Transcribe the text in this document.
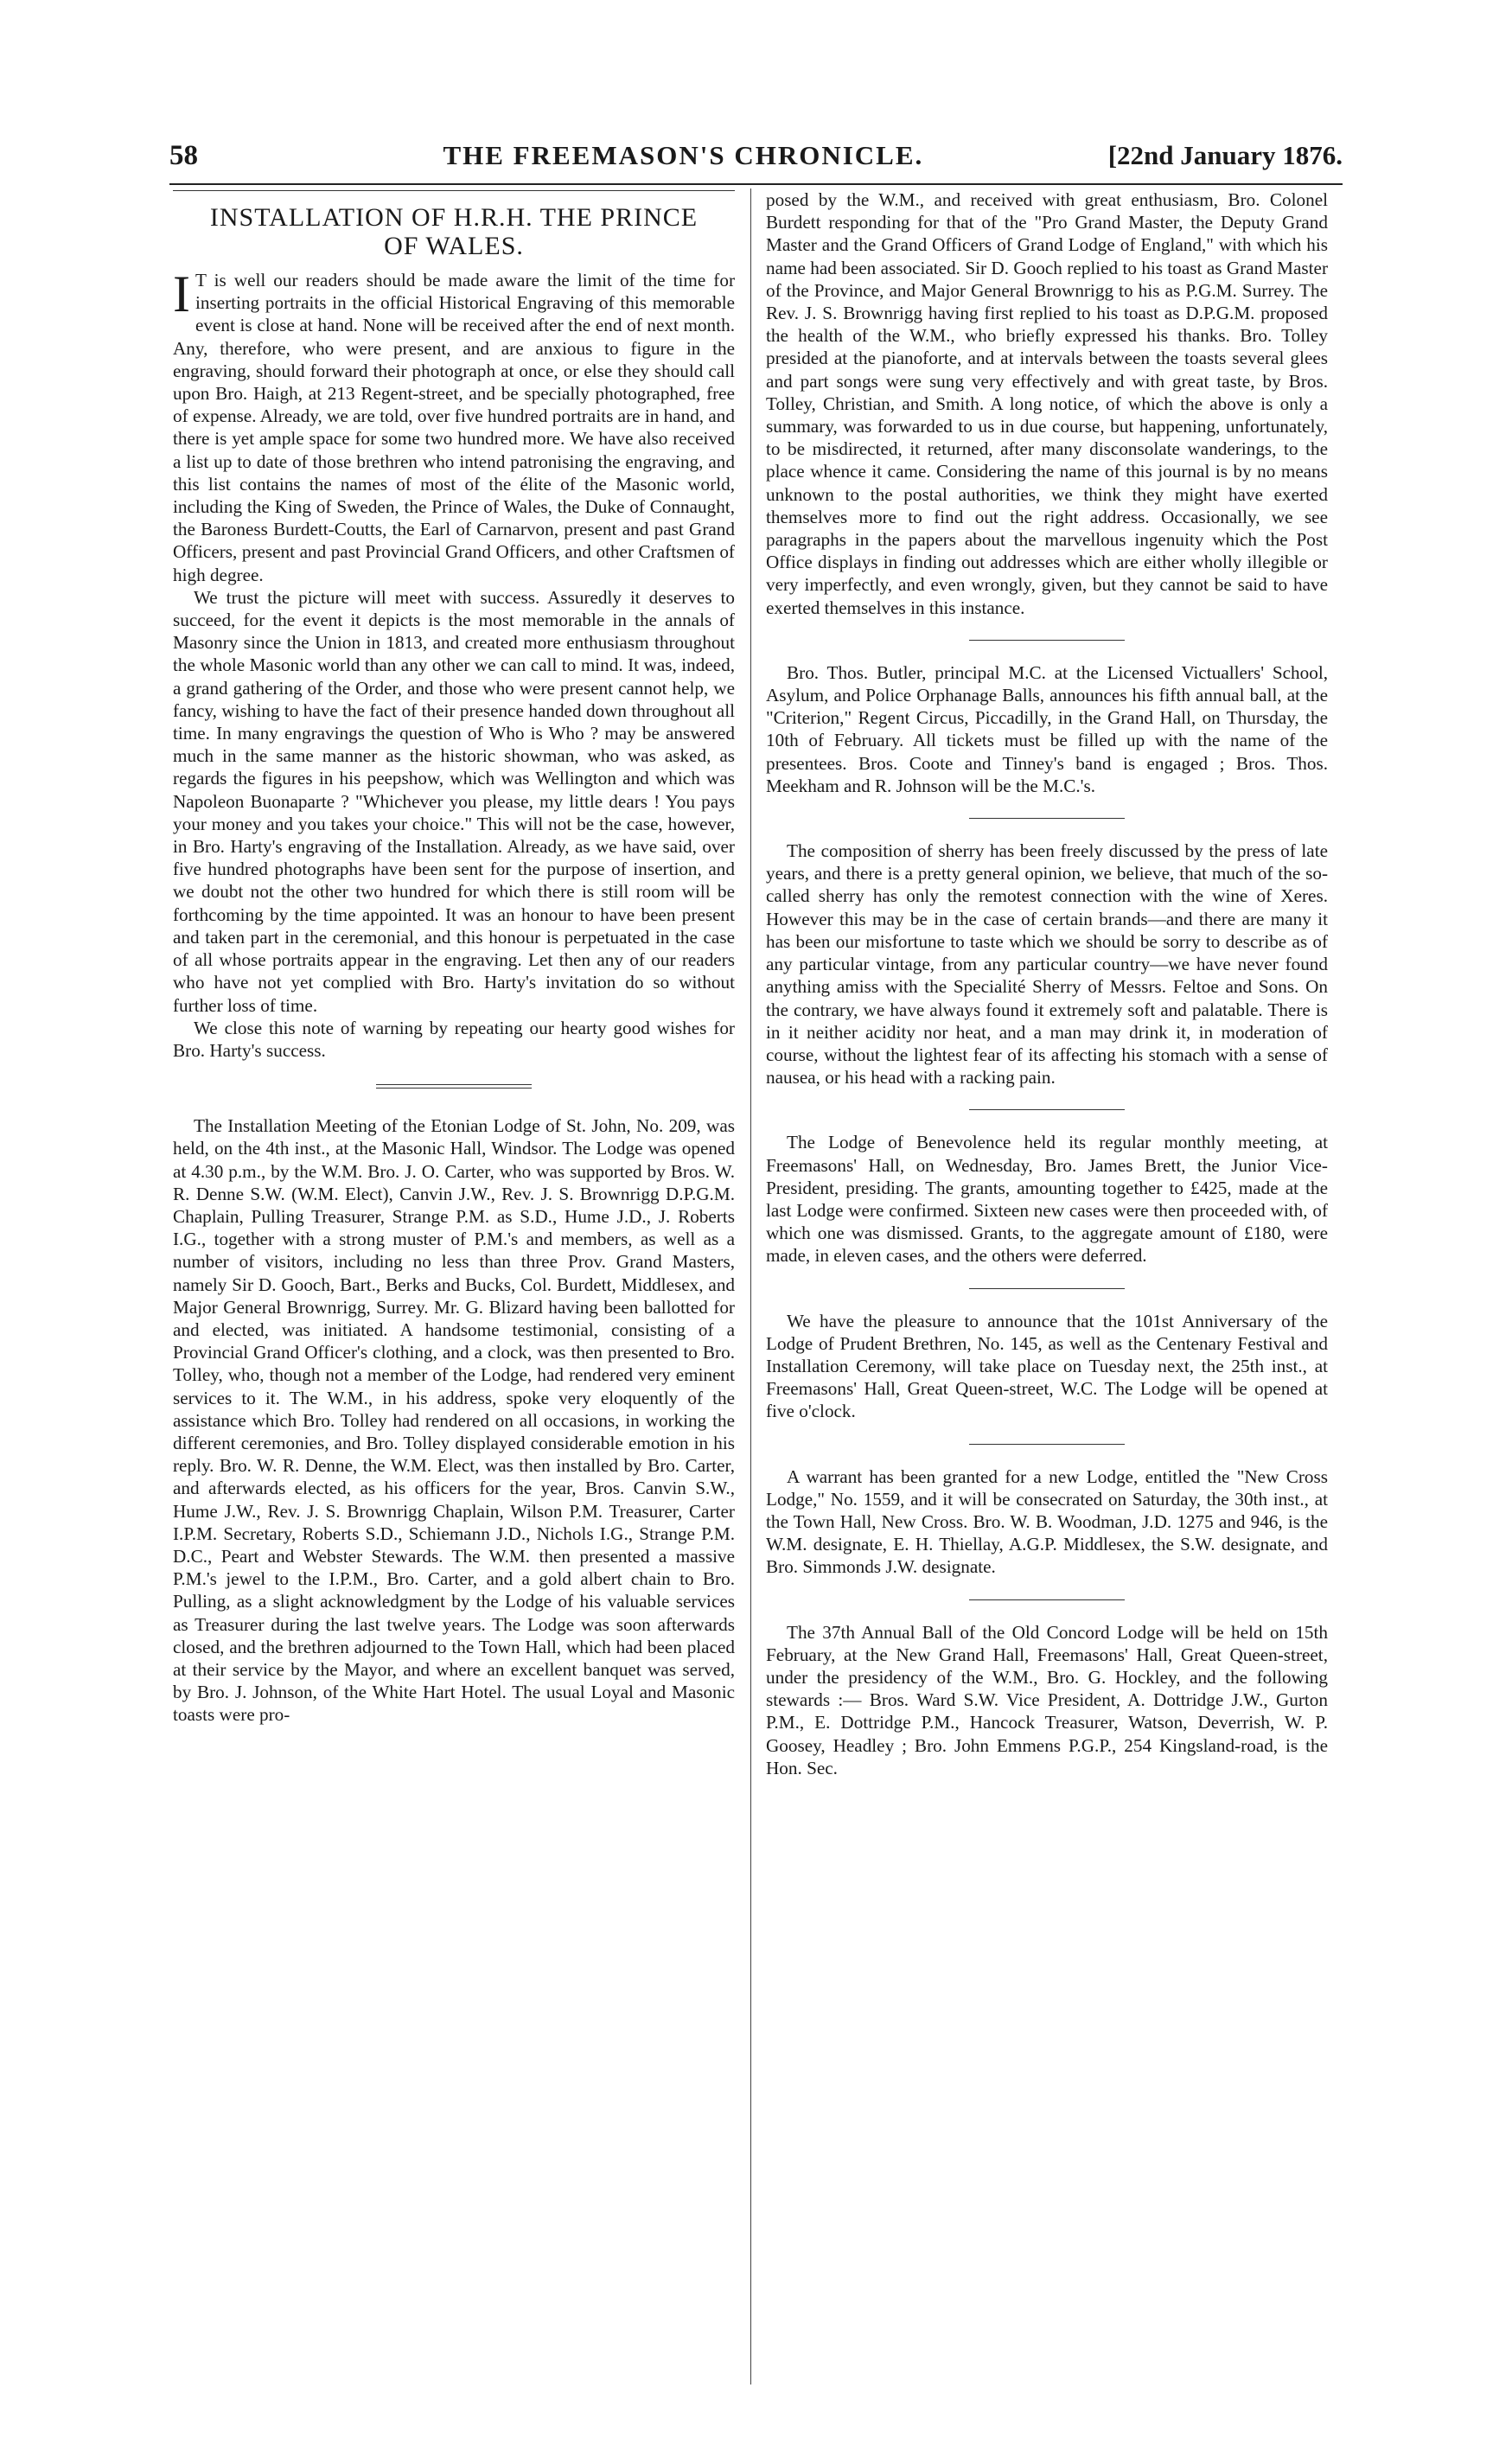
58	THE FREEMASON'S CHRONICLE.	[22nd January 1876.
INSTALLATION OF H.R.H. THE PRINCE
OF WALES.

I T is well our readers should be made aware the limit of the time for inserting portraits in the official Historical Engraving of this memorable event is close at hand. None will be received after the end of next month. Any, therefore, who were present, and are anxious to figure in the engraving, should forward their photograph at once, or else they should call upon Bro. Haigh, at 213 Regent-street, and be specially photographed, free of expense. Already, we are told, over five hundred portraits are in hand, and there is yet ample space for some two hundred more. We have also received a list up to date of those brethren who intend patronising the engraving, and this list contains the names of most of the élite of the Masonic world, including the King of Sweden, the Prince of Wales, the Duke of Connaught, the Baroness Burdett-Coutts, the Earl of Carnarvon, present and past Grand Officers, present and past Provincial Grand Officers, and other Craftsmen of high degree.

We trust the picture will meet with success. Assuredly it deserves to succeed, for the event it depicts is the most memorable in the annals of Masonry since the Union in 1813, and created more enthusiasm throughout the whole Masonic world than any other we can call to mind. It was, indeed, a grand gathering of the Order, and those who were present cannot help, we fancy, wishing to have the fact of their presence handed down throughout all time. In many engravings the question of Who is Who ? may be answered much in the same manner as the historic showman, who was asked, as regards the figures in his peepshow, which was Wellington and which was Napoleon Buonaparte ? "Whichever you please, my little dears ! You pays your money and you takes your choice." This will not be the case, however, in Bro. Harty's engraving of the Installation. Already, as we have said, over five hundred photographs have been sent for the purpose of insertion, and we doubt not the other two hundred for which there is still room will be forthcoming by the time appointed. It was an honour to have been present and taken part in the ceremonial, and this honour is perpetuated in the case of all whose portraits appear in the engraving. Let then any of our readers who have not yet complied with Bro. Harty's invitation do so without further loss of time.

We close this note of warning by repeating our hearty good wishes for Bro. Harty's success.

The Installation Meeting of the Etonian Lodge of St. John, No. 209, was held, on the 4th inst., at the Masonic Hall, Windsor. The Lodge was opened at 4.30 p.m., by the W.M. Bro. J. O. Carter, who was supported by Bros. W. R. Denne S.W. (W.M. Elect), Canvin J.W., Rev. J. S. Brownrigg D.P.G.M. Chaplain, Pulling Treasurer, Strange P.M. as S.D., Hume J.D., J. Roberts I.G., together with a strong muster of P.M.'s and members, as well as a number of visitors, including no less than three Prov. Grand Masters, namely Sir D. Gooch, Bart., Berks and Bucks, Col. Burdett, Middlesex, and Major General Brownrigg, Surrey. Mr. G. Blizard having been ballotted for and elected, was initiated. A handsome testimonial, consisting of a Provincial Grand Officer's clothing, and a clock, was then presented to Bro. Tolley, who, though not a member of the Lodge, had rendered very eminent services to it. The W.M., in his address, spoke very eloquently of the assistance which Bro. Tolley had rendered on all occasions, in working the different ceremonies, and Bro. Tolley displayed considerable emotion in his reply. Bro. W. R. Denne, the W.M. Elect, was then installed by Bro. Carter, and afterwards elected, as his officers for the year, Bros. Canvin S.W., Hume J.W., Rev. J. S. Brownrigg Chaplain, Wilson P.M. Treasurer, Carter I.P.M. Secretary, Roberts S.D., Schiemann J.D., Nichols I.G., Strange P.M. D.C., Peart and Webster Stewards. The W.M. then presented a massive P.M.'s jewel to the I.P.M., Bro. Carter, and a gold albert chain to Bro. Pulling, as a slight acknowledgment by the Lodge of his valuable services as Treasurer during the last twelve years. The Lodge was soon afterwards closed, and the brethren adjourned to the Town Hall, which had been placed at their service by the Mayor, and where an excellent banquet was served, by Bro. J. Johnson, of the White Hart Hotel. The usual Loyal and Masonic toasts were pro-

posed by the W.M., and received with great enthusiasm, Bro. Colonel Burdett responding for that of the "Pro Grand Master, the Deputy Grand Master and the Grand Officers of Grand Lodge of England," with which his name had been associated. Sir D. Gooch replied to his toast as Grand Master of the Province, and Major General Brownrigg to his as P.G.M. Surrey. The Rev. J. S. Brownrigg having first replied to his toast as D.P.G.M. proposed the health of the W.M., who briefly expressed his thanks. Bro. Tolley presided at the pianoforte, and at intervals between the toasts several glees and part songs were sung very effectively and with great taste, by Bros. Tolley, Christian, and Smith. A long notice, of which the above is only a summary, was forwarded to us in due course, but happening, unfortunately, to be misdirected, it returned, after many disconsolate wanderings, to the place whence it came. Considering the name of this journal is by no means unknown to the postal authorities, we think they might have exerted themselves more to find out the right address. Occasionally, we see paragraphs in the papers about the marvellous ingenuity which the Post Office displays in finding out addresses which are either wholly illegible or very imperfectly, and even wrongly, given, but they cannot be said to have exerted themselves in this instance.

Bro. Thos. Butler, principal M.C. at the Licensed Victuallers' School, Asylum, and Police Orphanage Balls, announces his fifth annual ball, at the "Criterion," Regent Circus, Piccadilly, in the Grand Hall, on Thursday, the 10th of February. All tickets must be filled up with the name of the presentees. Bros. Coote and Tinney's band is engaged ; Bros. Thos. Meekham and R. Johnson will be the M.C.'s.

The composition of sherry has been freely discussed by the press of late years, and there is a pretty general opinion, we believe, that much of the so-called sherry has only the remotest connection with the wine of Xeres. However this may be in the case of certain brands—and there are many it has been our misfortune to taste which we should be sorry to describe as of any particular vintage, from any particular country—we have never found anything amiss with the Specialité Sherry of Messrs. Feltoe and Sons. On the contrary, we have always found it extremely soft and palatable. There is in it neither acidity nor heat, and a man may drink it, in moderation of course, without the lightest fear of its affecting his stomach with a sense of nausea, or his head with a racking pain.

The Lodge of Benevolence held its regular monthly meeting, at Freemasons' Hall, on Wednesday, Bro. James Brett, the Junior Vice-President, presiding. The grants, amounting together to £425, made at the last Lodge were confirmed. Sixteen new cases were then proceeded with, of which one was dismissed. Grants, to the aggregate amount of £180, were made, in eleven cases, and the others were deferred.

We have the pleasure to announce that the 101st Anniversary of the Lodge of Prudent Brethren, No. 145, as well as the Centenary Festival and Installation Ceremony, will take place on Tuesday next, the 25th inst., at Freemasons' Hall, Great Queen-street, W.C. The Lodge will be opened at five o'clock.

A warrant has been granted for a new Lodge, entitled the "New Cross Lodge," No. 1559, and it will be consecrated on Saturday, the 30th inst., at the Town Hall, New Cross. Bro. W. B. Woodman, J.D. 1275 and 946, is the W.M. designate, E. H. Thiellay, A.G.P. Middlesex, the S.W. designate, and Bro. Simmonds J.W. designate.

The 37th Annual Ball of the Old Concord Lodge will be held on 15th February, at the New Grand Hall, Freemasons' Hall, Great Queen-street, under the presidency of the W.M., Bro. G. Hockley, and the following stewards :— Bros. Ward S.W. Vice President, A. Dottridge J.W., Gurton P.M., E. Dottridge P.M., Hancock Treasurer, Watson, Deverrish, W. P. Goosey, Headley ; Bro. John Emmens P.G.P., 254 Kingsland-road, is the Hon. Sec.
